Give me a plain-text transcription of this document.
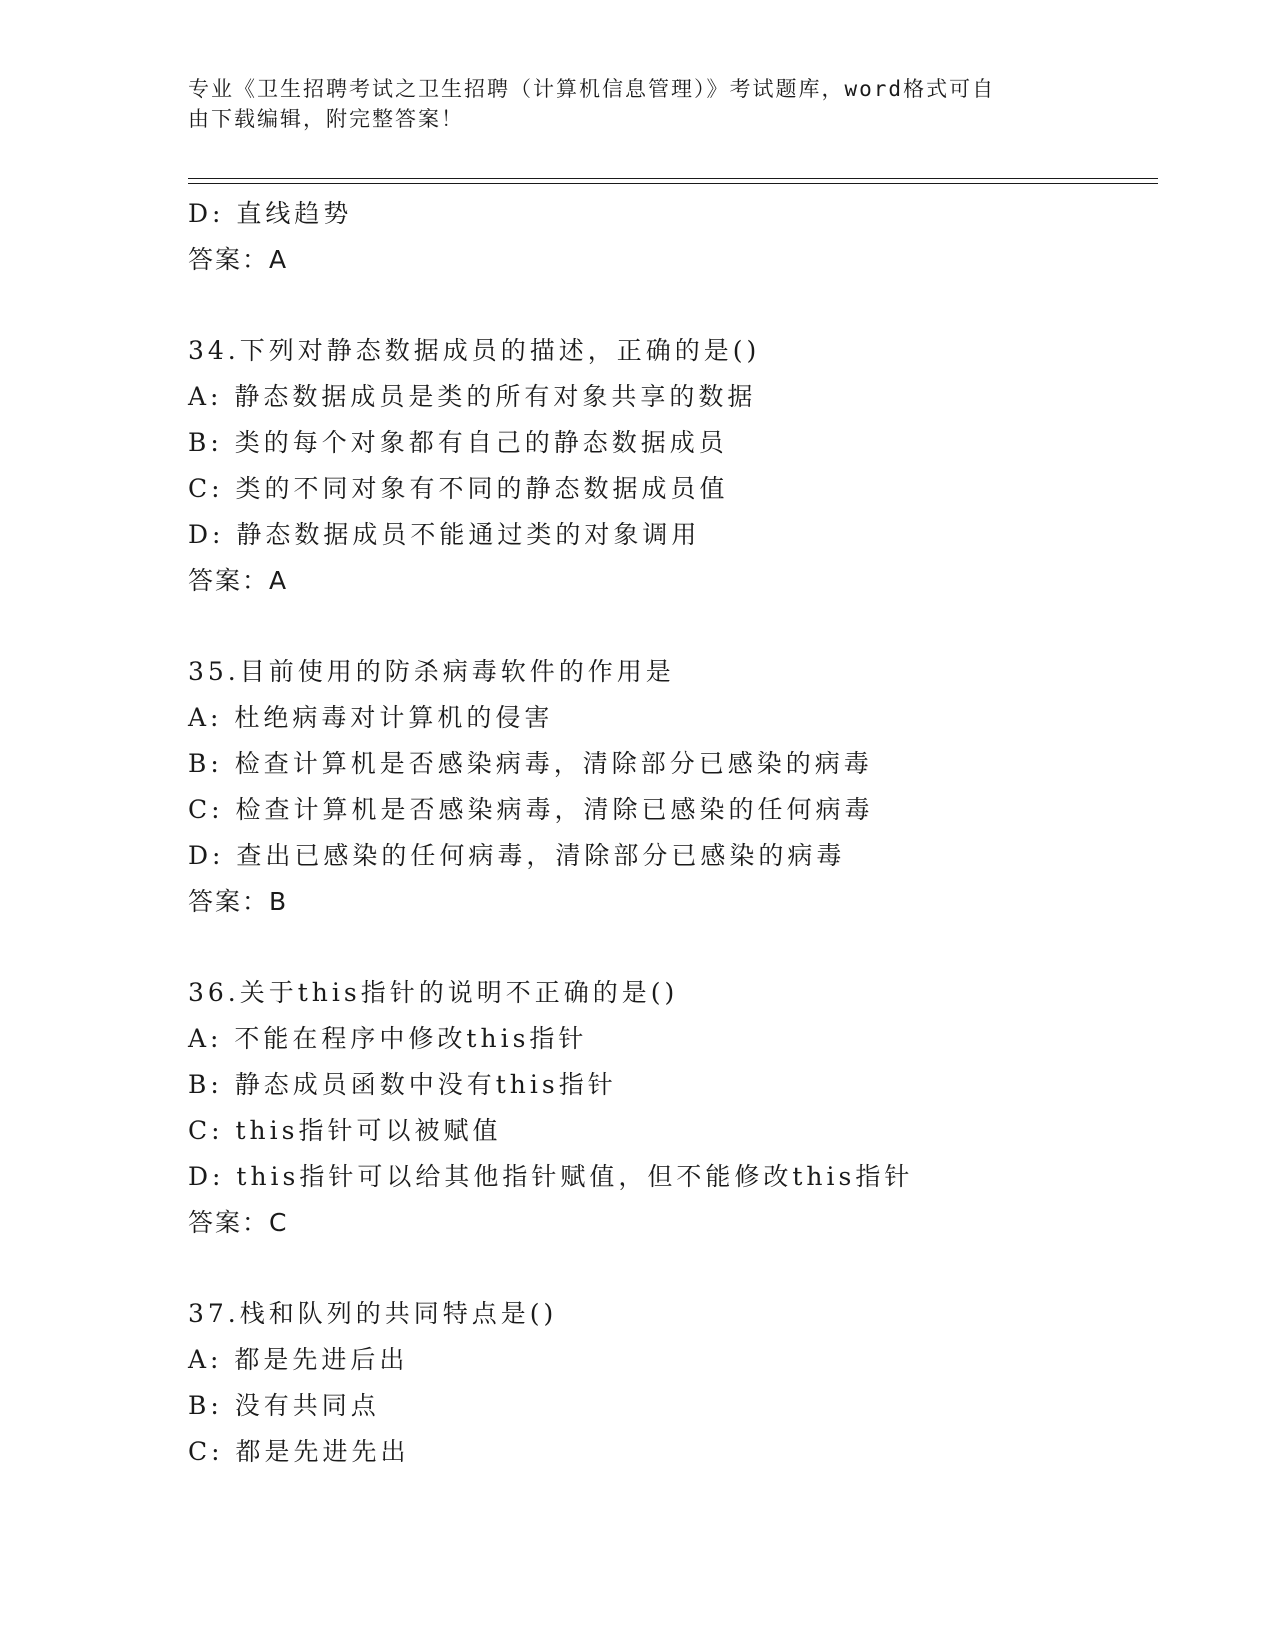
专业《卫生招聘考试之卫生招聘（计算机信息管理）》考试题库，word格式可自
由下载编辑，附完整答案！
D: 直线趋势
答案：A
34.下列对静态数据成员的描述，正确的是()
A: 静态数据成员是类的所有对象共享的数据
B: 类的每个对象都有自己的静态数据成员
C: 类的不同对象有不同的静态数据成员值
D: 静态数据成员不能通过类的对象调用
答案：A
35.目前使用的防杀病毒软件的作用是
A: 杜绝病毒对计算机的侵害
B: 检查计算机是否感染病毒，清除部分已感染的病毒
C: 检查计算机是否感染病毒，清除已感染的任何病毒
D: 查出已感染的任何病毒，清除部分已感染的病毒
答案：B
36.关于this指针的说明不正确的是()
A: 不能在程序中修改this指针
B: 静态成员函数中没有this指针
C: this指针可以被赋值
D: this指针可以给其他指针赋值，但不能修改this指针
答案：C
37.栈和队列的共同特点是()
A: 都是先进后出
B: 没有共同点
C: 都是先进先出
